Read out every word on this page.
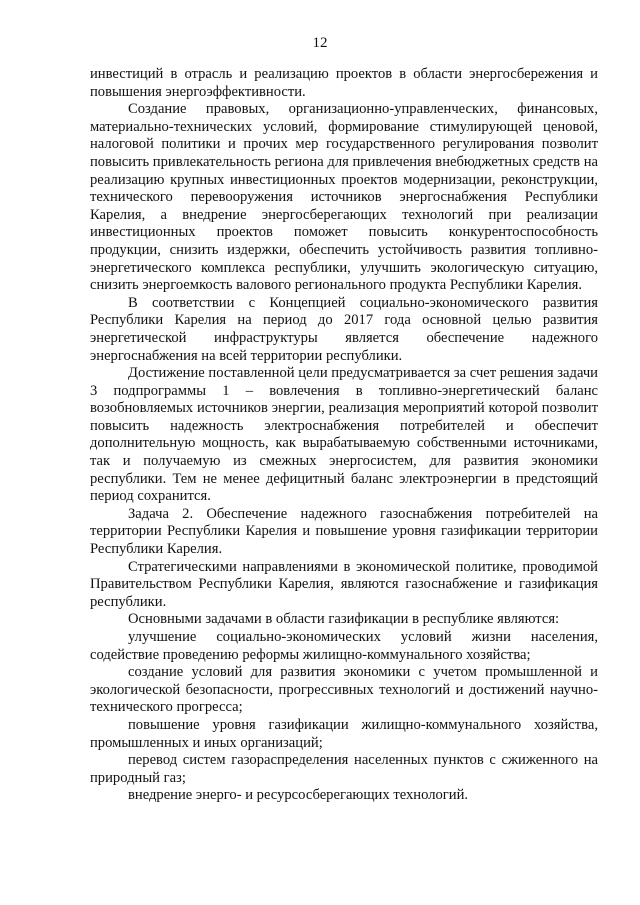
12

инвестиций в отрасль и реализацию проектов в области энергосбережения и повышения энергоэффективности.

Создание правовых, организационно-управленческих, финансовых, материально-технических условий, формирование стимулирующей ценовой, налоговой политики и прочих мер государственного регулирования позволит повысить привлекательность региона для привлечения внебюджетных средств на реализацию крупных инвестиционных проектов модернизации, реконструкции, технического перевооружения источников энергоснабжения Республики Карелия, а внедрение энергосберегающих технологий при реализации инвестиционных проектов поможет повысить конкурентоспособность продукции, снизить издержки, обеспечить устойчивость развития топливно-энергетического комплекса республики, улучшить экологическую ситуацию, снизить энергоемкость валового регионального продукта Республики Карелия.

В соответствии с Концепцией социально-экономического развития Республики Карелия на период до 2017 года основной целью развития энергетической инфраструктуры является обеспечение надежного энергоснабжения на всей территории республики.

Достижение поставленной цели предусматривается за счет решения задачи 3 подпрограммы 1 – вовлечения в топливно-энергетический баланс возобновляемых источников энергии, реализация мероприятий которой позволит повысить надежность электроснабжения потребителей и обеспечит дополнительную мощность, как вырабатываемую собственными источниками, так и получаемую из смежных энергосистем, для развития экономики республики. Тем не менее дефицитный баланс электроэнергии в предстоящий период сохранится.

Задача 2. Обеспечение надежного газоснабжения потребителей на территории Республики Карелия и повышение уровня газификации территории Республики Карелия.

Стратегическими направлениями в экономической политике, проводимой Правительством Республики Карелия, являются газоснабжение и газификация республики.

Основными задачами в области газификации в республике являются:

улучшение социально-экономических условий жизни населения, содействие проведению реформы жилищно-коммунального хозяйства;

создание условий для развития экономики с учетом промышленной и экологической безопасности, прогрессивных технологий и достижений научно-технического прогресса;

повышение уровня газификации жилищно-коммунального хозяйства, промышленных и иных организаций;

перевод систем газораспределения населенных пунктов с сжиженного на природный газ;

внедрение энерго- и ресурсосберегающих технологий.
